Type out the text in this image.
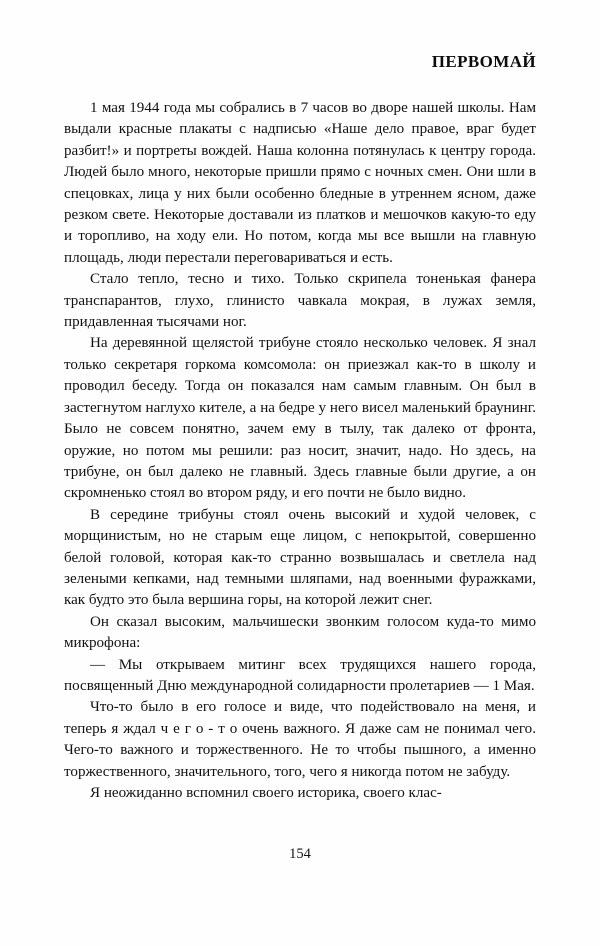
ПЕРВОМАЙ

1 мая 1944 года мы собрались в 7 часов во дворе нашей школы. Нам выдали красные плакаты с надписью «Наше дело правое, враг будет разбит!» и портреты вождей. Наша колонна потянулась к центру города. Людей было много, некоторые пришли прямо с ночных смен. Они шли в спецовках, лица у них были особенно бледные в утреннем ясном, даже резком свете. Некоторые доставали из платков и мешочков какую-то еду и торопливо, на ходу ели. Но потом, когда мы все вышли на главную площадь, люди перестали переговариваться и есть.

Стало тепло, тесно и тихо. Только скрипела тоненькая фанера транспарантов, глухо, глинисто чавкала мокрая, в лужах земля, придавленная тысячами ног.

На деревянной щелястой трибуне стояло несколько человек. Я знал только секретаря горкома комсомола: он приезжал как-то в школу и проводил беседу. Тогда он показался нам самым главным. Он был в застегнутом наглухо кителе, а на бедре у него висел маленький браунинг. Было не совсем понятно, зачем ему в тылу, так далеко от фронта, оружие, но потом мы решили: раз носит, значит, надо. Но здесь, на трибуне, он был далеко не главный. Здесь главные были другие, а он скромненько стоял во втором ряду, и его почти не было видно.

В середине трибуны стоял очень высокий и худой человек, с морщинистым, но не старым еще лицом, с непокрытой, совершенно белой головой, которая как-то странно возвышалась и светлела над зелеными кепками, над темными шляпами, над военными фуражками, как будто это была вершина горы, на которой лежит снег.

Он сказал высоким, мальчишески звонким голосом куда-то мимо микрофона:

— Мы открываем митинг всех трудящихся нашего города, посвященный Дню международной солидарности пролетариев — 1 Мая.

Что-то было в его голосе и виде, что подействовало на меня, и теперь я ждал ч е г о - т о очень важного. Я даже сам не понимал чего. Чего-то важного и торжественного. Не то чтобы пышного, а именно торжественного, значительного, того, чего я никогда потом не забуду.

Я неожиданно вспомнил своего историка, своего клас-

154
